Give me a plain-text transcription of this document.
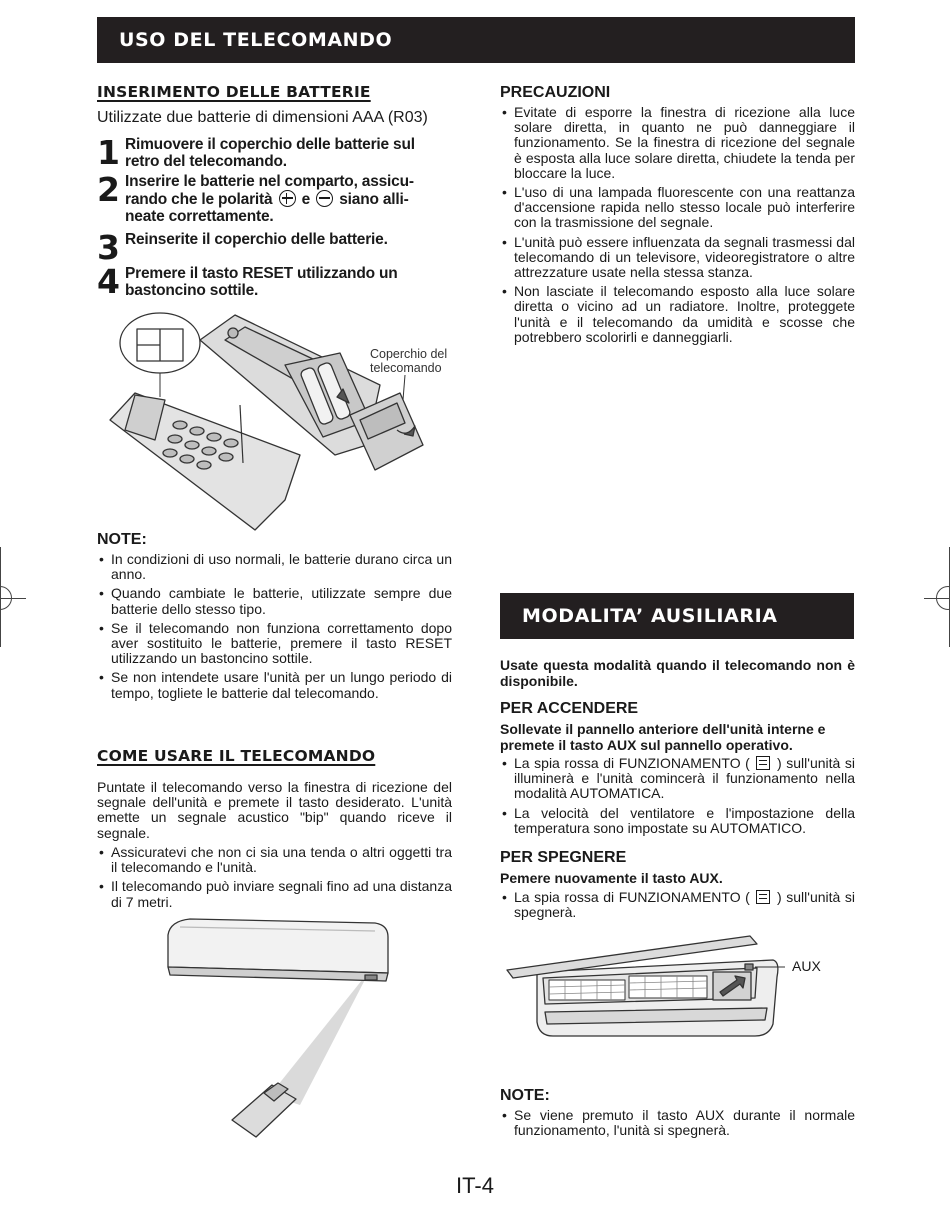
USO DEL TELECOMANDO
INSERIMENTO DELLE BATTERIE
Utilizzate due batterie di dimensioni AAA (R03)
1 Rimuovere il coperchio delle batterie sul retro del telecomando.
2 Inserire le batterie nel comparto, assicu- rando che le polarità e siano alli- neate correttamente.
3 Reinserite il coperchio delle batterie.
4 Premere il tasto RESET utilizzando un bastoncino sottile.
Coperchio del telecomando
NOTE:
• In condizioni di uso normali, le batterie durano circa un anno.
• Quando cambiate le batterie, utilizzate sempre due batterie dello stesso tipo.
• Se il telecomando non funziona correttamento dopo aver sostituito le batterie, premere il tasto RESET utilizzando un bastoncino sottile.
• Se non intendete usare l'unità per un lungo periodo di tempo, togliete le batterie dal telecomando.
COME USARE IL TELECOMANDO
Puntate il telecomando verso la finestra di ricezione del segnale dell'unità e premete il tasto desiderato. L'unità emette un segnale acustico "bip" quando riceve il segnale.
• Assicuratevi che non ci sia una tenda o altri oggetti tra il telecomando e l'unità.
• Il telecomando può inviare segnali fino ad una distanza di 7 metri.
PRECAUZIONI
• Evitate di esporre la finestra di ricezione alla luce solare diretta, in quanto ne può danneggiare il funzionamento. Se la finestra di ricezione del segnale è esposta alla luce solare diretta, chiudete la tenda per bloccare la luce.
• L'uso di una lampada fluorescente con una reattanza d'accensione rapida nello stesso locale può interferire con la trasmissione del segnale.
• L'unità può essere influenzata da segnali trasmessi dal telecomando di un televisore, videoregistratore o altre attrezzature usate nella stessa stanza.
• Non lasciate il telecomando esposto alla luce solare diretta o vicino ad un radiatore. Inoltre, proteggete l'unità e il telecomando da umidità e scosse che potrebbero scolorirli e danneggiarli.
MODALITA’ AUSILIARIA
Usate questa modalità quando il telecomando non è disponibile.
PER ACCENDERE
Sollevate il pannello anteriore dell'unità interne e premete il tasto AUX sul pannello operativo.
• La spia rossa di FUNZIONAMENTO ( ) sull'unità si illuminerà e l'unità comincerà il funzionamento nella modalità AUTOMATICA.
• La velocità del ventilatore e l'impostazione della temperatura sono impostate su AUTOMATICO.
PER SPEGNERE
Pemere nuovamente il tasto AUX.
• La spia rossa di FUNZIONAMENTO ( ) sull'unità si spegnerà.
AUX
NOTE:
• Se viene premuto il tasto AUX durante il normale funzionamento, l'unità si spegnerà.
IT-4
